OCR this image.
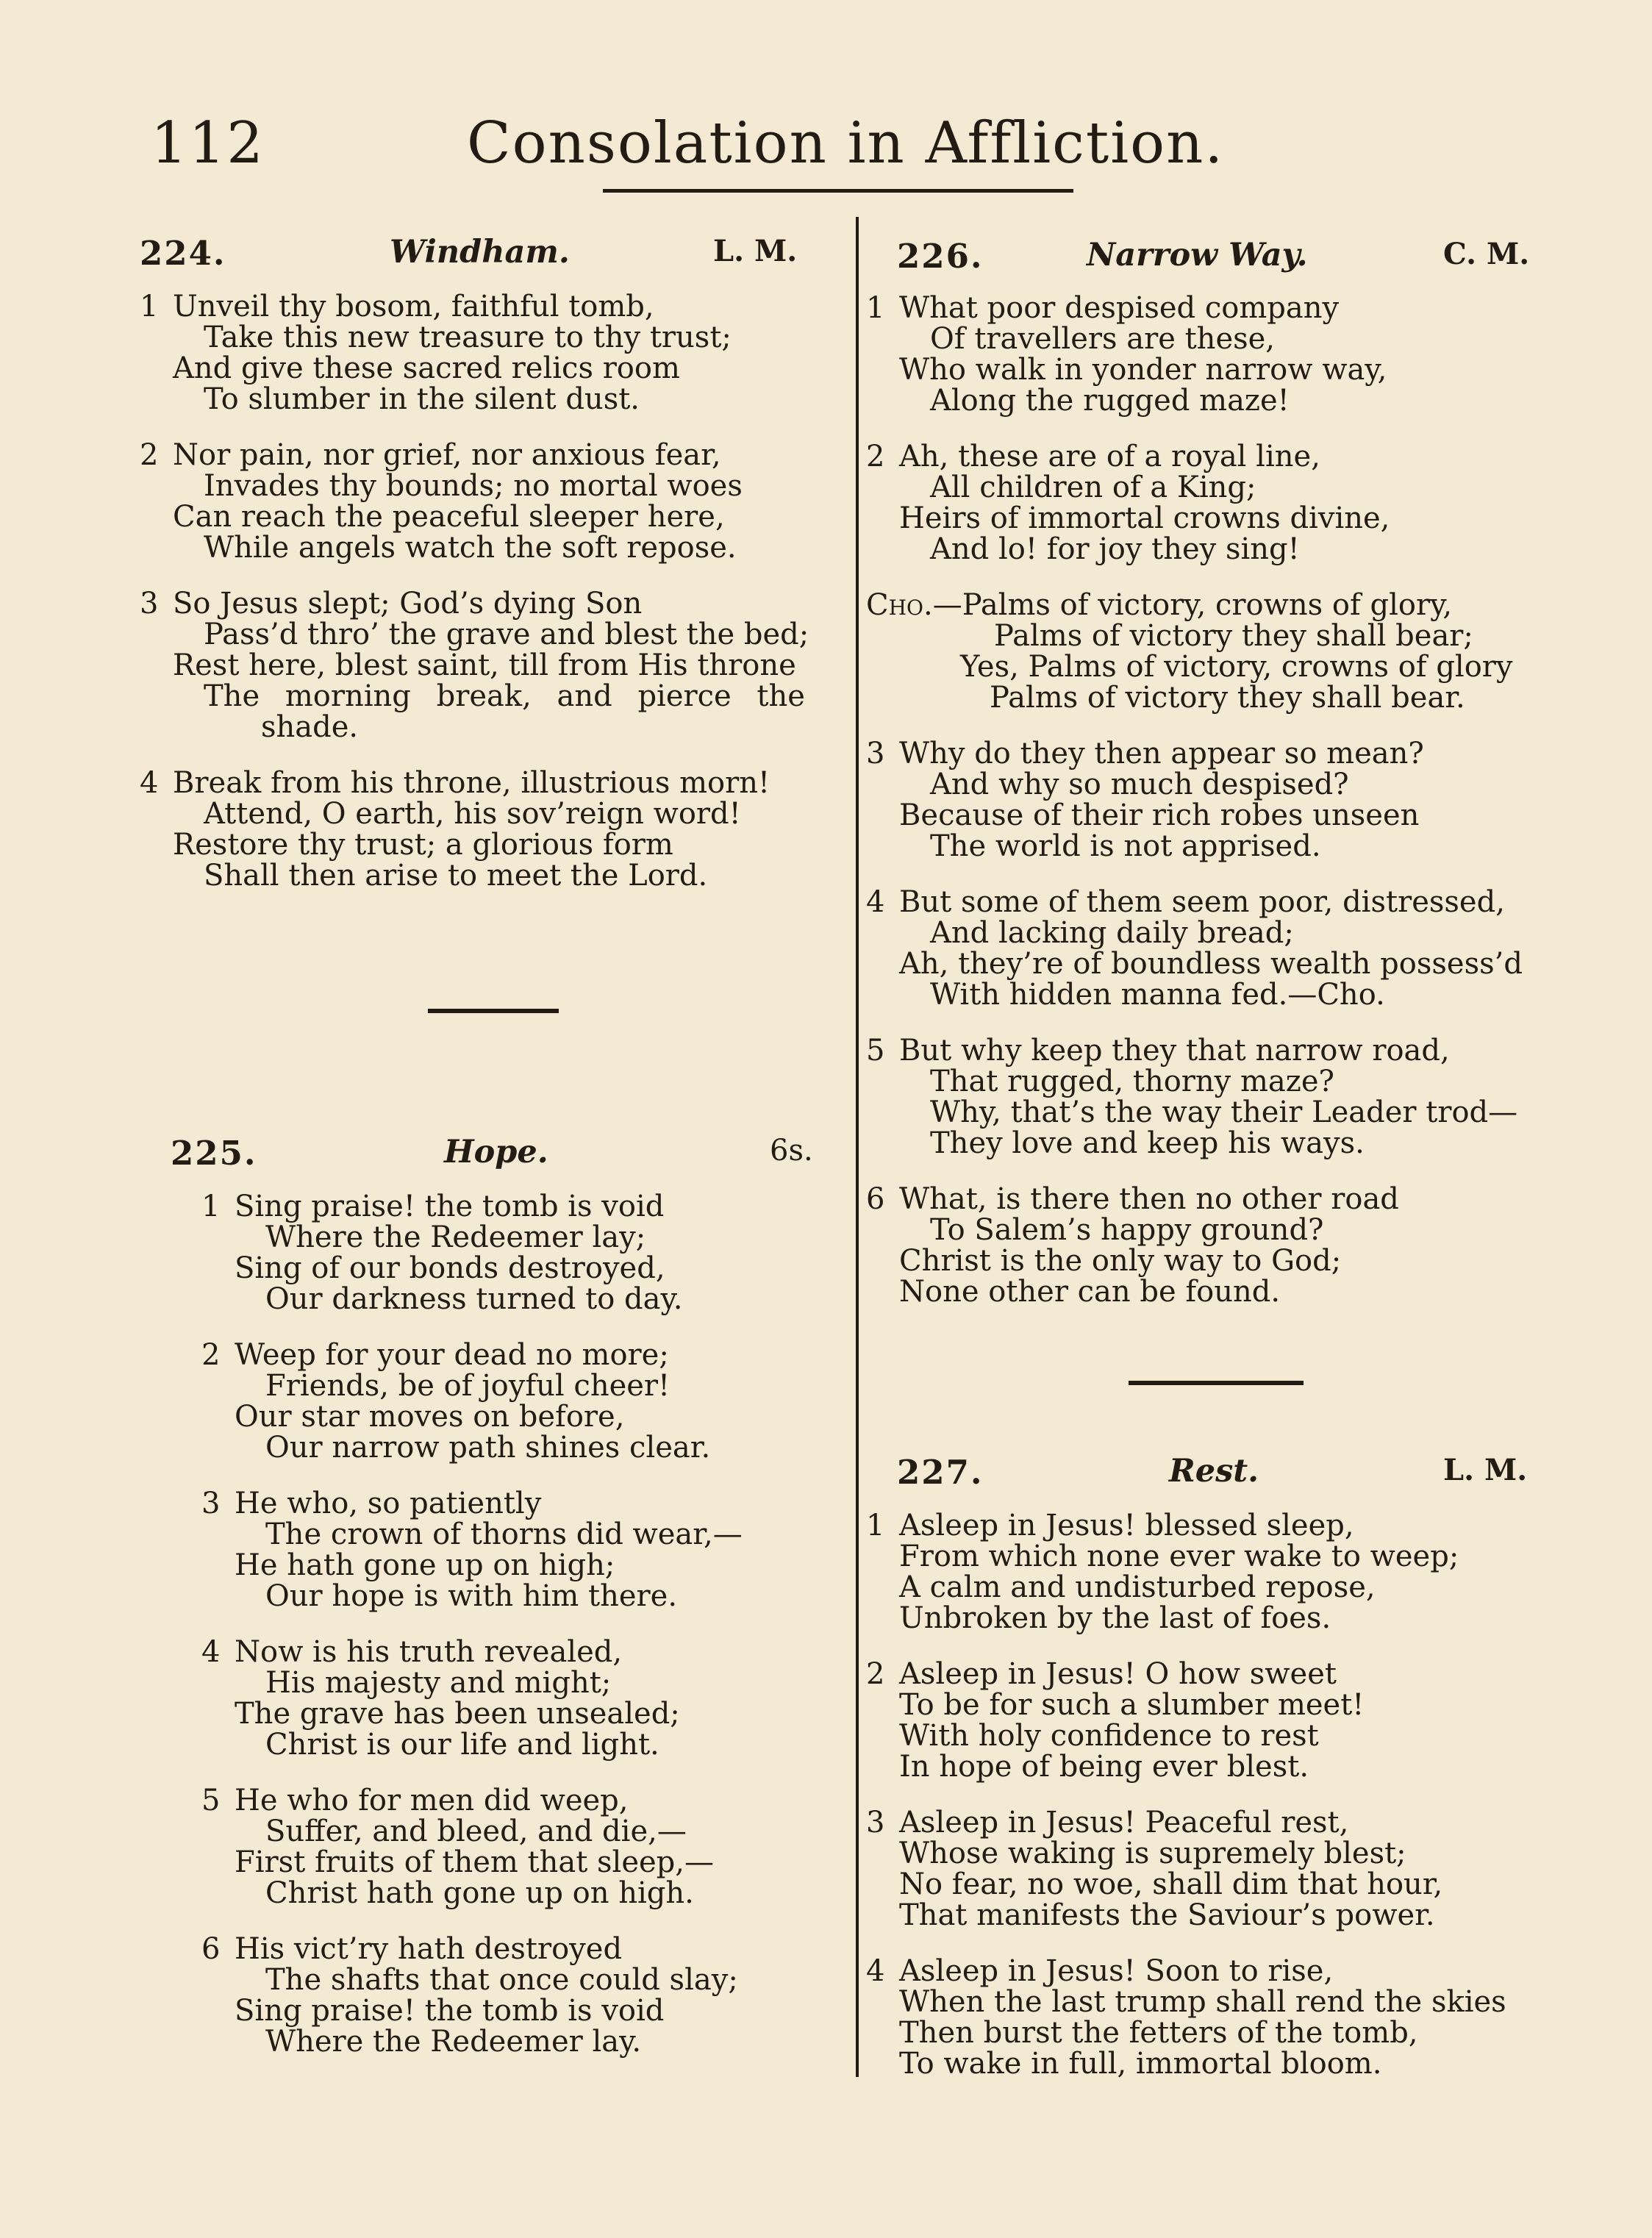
112	Consolation in Affliction.
224.	Windham.	L. M.
1 Unveil thy bosom, faithful tomb,
Take this new treasure to thy trust;
And give these sacred relics room
To slumber in the silent dust.
2 Nor pain, nor grief, nor anxious fear,
Invades thy bounds; no mortal woes
Can reach the peaceful sleeper here,
While angels watch the soft repose.
3 So Jesus slept; God’s dying Son
Pass’d thro’ the grave and blest the bed;
Rest here, blest saint, till from His throne
The morning break, and pierce the
shade.
4 Break from his throne, illustrious morn!
Attend, O earth, his sov’reign word!
Restore thy trust; a glorious form
Shall then arise to meet the Lord.
225.	Hope.	6s.
1 Sing praise! the tomb is void
Where the Redeemer lay;
Sing of our bonds destroyed,
Our darkness turned to day.
2 Weep for your dead no more;
Friends, be of joyful cheer!
Our star moves on before,
Our narrow path shines clear.
3 He who, so patiently
The crown of thorns did wear,—
He hath gone up on high;
Our hope is with him there.
4 Now is his truth revealed,
His majesty and might;
The grave has been unsealed;
Christ is our life and light.
5 He who for men did weep,
Suffer, and bleed, and die,—
First fruits of them that sleep,—
Christ hath gone up on high.
6 His vict’ry hath destroyed
The shafts that once could slay;
Sing praise! the tomb is void
Where the Redeemer lay.
226.	Narrow Way.	C. M.
1 What poor despised company
Of travellers are these,
Who walk in yonder narrow way,
Along the rugged maze!
2 Ah, these are of a royal line,
All children of a King;
Heirs of immortal crowns divine,
And lo! for joy they sing!
Cho.—Palms of victory, crowns of glory,
Palms of victory they shall bear;
Yes, Palms of victory, crowns of glory
Palms of victory they shall bear.
3 Why do they then appear so mean?
And why so much despised?
Because of their rich robes unseen
The world is not apprised.
4 But some of them seem poor, distressed,
And lacking daily bread;
Ah, they’re of boundless wealth possess’d
With hidden manna fed.—Cho.
5 But why keep they that narrow road,
That rugged, thorny maze?
Why, that’s the way their Leader trod—
They love and keep his ways.
6 What, is there then no other road
To Salem’s happy ground?
Christ is the only way to God;
None other can be found.
227.	Rest.	L. M.
1 Asleep in Jesus! blessed sleep,
From which none ever wake to weep;
A calm and undisturbed repose,
Unbroken by the last of foes.
2 Asleep in Jesus! O how sweet
To be for such a slumber meet!
With holy confidence to rest
In hope of being ever blest.
3 Asleep in Jesus! Peaceful rest,
Whose waking is supremely blest;
No fear, no woe, shall dim that hour,
That manifests the Saviour’s power.
4 Asleep in Jesus! Soon to rise,
When the last trump shall rend the skies
Then burst the fetters of the tomb,
To wake in full, immortal bloom.
